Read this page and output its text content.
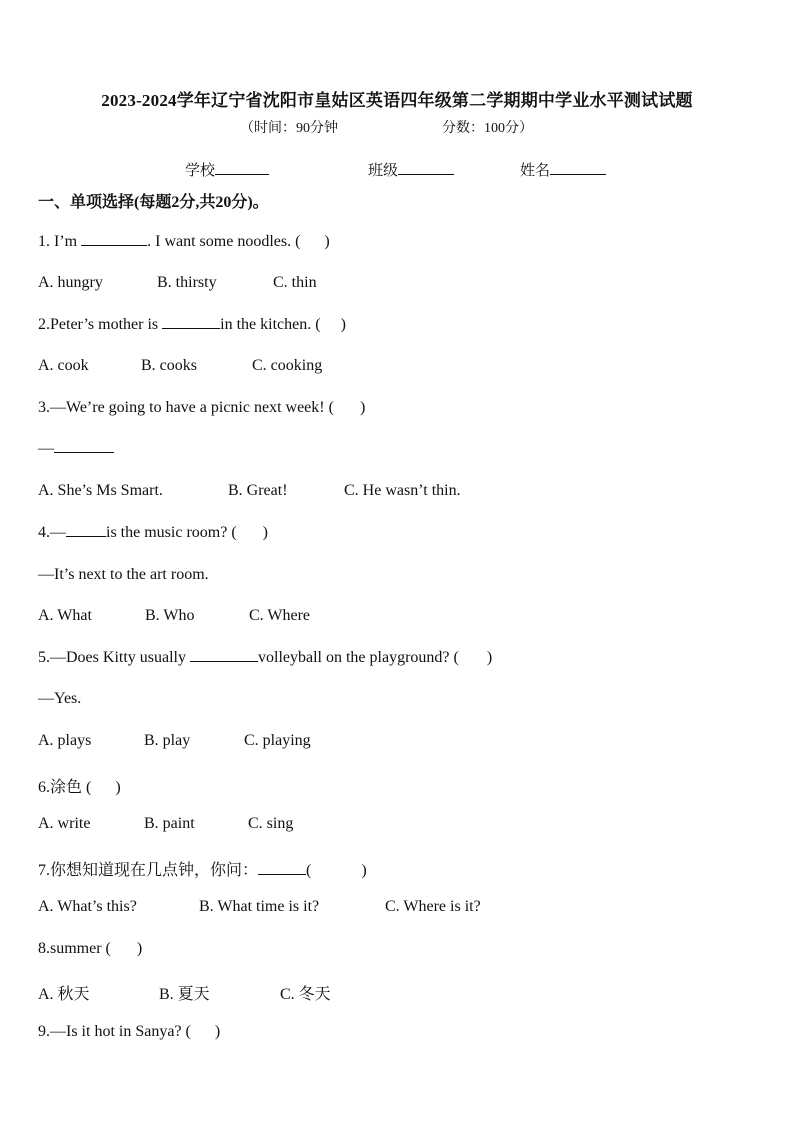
2023-2024学年辽宁省沈阳市皇姑区英语四年级第二学期期中学业水平测试试题
（时间：90分钟	分数：100分）
学校	班级	姓名
一、单项选择(每题2分,共20分)。
1. I’m	. I want some noodles. ( )
A. hungry	B. thirsty	C. thin
2.Peter’s mother is	in the kitchen. ( )
A. cook	B. cooks	C. cooking
3.—We’re going to have a picnic next week! ( )
—
A. She’s Ms Smart.	B. Great!	C. He wasn’t thin.
4.—	is the music room? ( )
—It’s next to the art room.
A. What	B. Who	C. Where
5.—Does Kitty usually	volleyball on the playground? ( )
—Yes.
A. plays	B. play	C. playing
6.涂色 ( )
A. write	B. paint	C. sing
7.你想知道现在几点钟，你问：	(	)
A. What’s this?	B. What time is it?	C. Where is it?
8.summer ( )
A. 秋天	B. 夏天	C. 冬天
9.—Is it hot in Sanya? ( )
